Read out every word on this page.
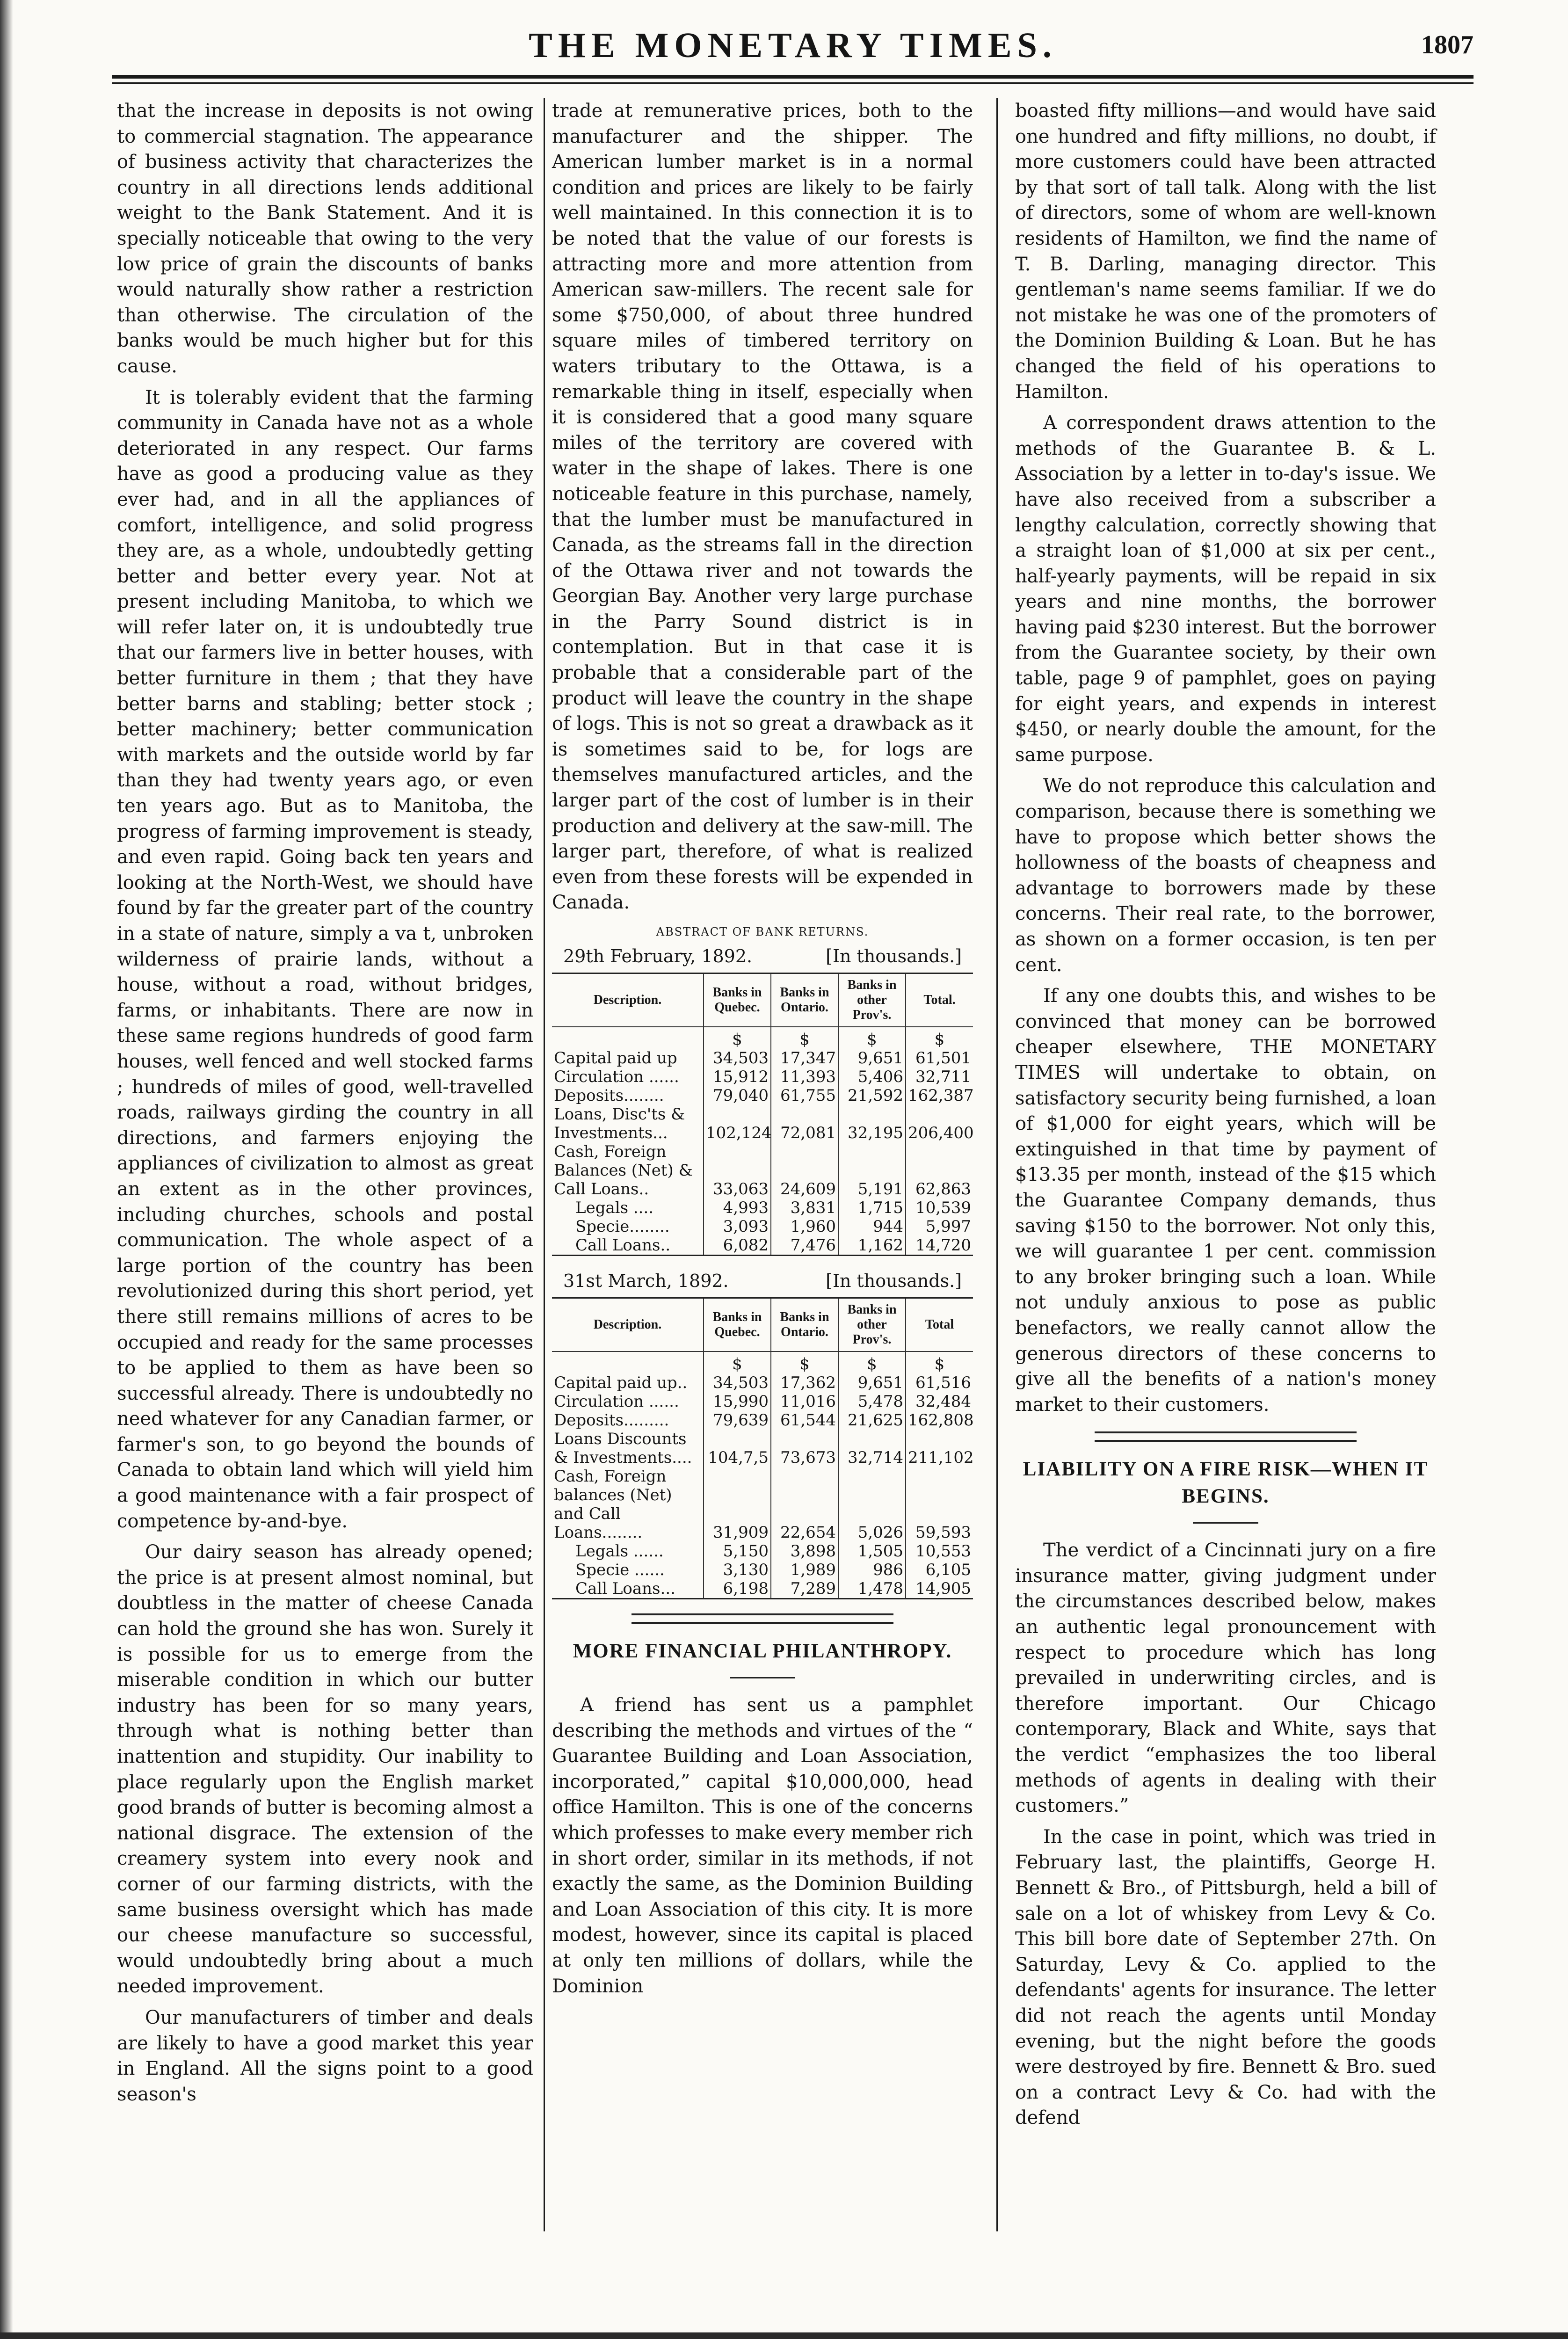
THE MONETARY TIMES.	1807

that the increase in deposits is not owing to commercial stagnation. The appearance of business activity that characterizes the country in all directions lends additional weight to the Bank Statement. And it is specially noticeable that owing to the very low price of grain the discounts of banks would naturally show rather a restriction than otherwise. The circulation of the banks would be much higher but for this cause.

It is tolerably evident that the farming community in Canada have not as a whole deteriorated in any respect. Our farms have as good a producing value as they ever had, and in all the appliances of comfort, intelligence, and solid progress they are, as a whole, undoubtedly getting better and better every year. Not at present including Manitoba, to which we will refer later on, it is undoubtedly true that our farmers live in better houses, with better furniture in them ; that they have better barns and stabling; better stock ; better machinery; better communication with markets and the outside world by far than they had twenty years ago, or even ten years ago. But as to Manitoba, the progress of farming improvement is steady, and even rapid. Going back ten years and looking at the North-West, we should have found by far the greater part of the country in a state of nature, simply a va t, unbroken wilderness of prairie lands, without a house, without a road, without bridges, farms, or inhabitants. There are now in these same regions hundreds of good farm houses, well fenced and well stocked farms ; hundreds of miles of good, well-travelled roads, railways girding the country in all directions, and farmers enjoying the appliances of civilization to almost as great an extent as in the other provinces, including churches, schools and postal communication. The whole aspect of a large portion of the country has been revolutionized during this short period, yet there still remains millions of acres to be occupied and ready for the same processes to be applied to them as have been so successful already. There is undoubtedly no need whatever for any Canadian farmer, or farmer's son, to go beyond the bounds of Canada to obtain land which will yield him a good maintenance with a fair prospect of competence by-and-bye.

Our dairy season has already opened; the price is at present almost nominal, but doubtless in the matter of cheese Canada can hold the ground she has won. Surely it is possible for us to emerge from the miserable condition in which our butter industry has been for so many years, through what is nothing better than inattention and stupidity. Our inability to place regularly upon the English market good brands of butter is becoming almost a national disgrace. The extension of the creamery system into every nook and corner of our farming districts, with the same business oversight which has made our cheese manufacture so successful, would undoubtedly bring about a much needed improvement.

Our manufacturers of timber and deals are likely to have a good market this year in England. All the signs point to a good season's

trade at remunerative prices, both to the manufacturer and the shipper. The American lumber market is in a normal condition and prices are likely to be fairly well maintained. In this connection it is to be noted that the value of our forests is attracting more and more attention from American saw-millers. The recent sale for some $750,000, of about three hundred square miles of timbered territory on waters tributary to the Ottawa, is a remarkable thing in itself, especially when it is considered that a good many square miles of the territory are covered with water in the shape of lakes. There is one noticeable feature in this purchase, namely, that the lumber must be manufactured in Canada, as the streams fall in the direction of the Ottawa river and not towards the Georgian Bay. Another very large purchase in the Parry Sound district is in contemplation. But in that case it is probable that a considerable part of the product will leave the country in the shape of logs. This is not so great a drawback as it is sometimes said to be, for logs are themselves manufactured articles, and the larger part of the cost of lumber is in their production and delivery at the saw-mill. The larger part, therefore, of what is realized even from these forests will be expended in Canada.

ABSTRACT OF BANK RETURNS.
29th February, 1892.	[In thousands.]
Description.	Banks in Quebec.	Banks in Ontario.	Banks in other Prov's.	Total.
	$	$	$	$
Capital paid up	34,503	17,347	9,651	61,501
Circulation ......	15,912	11,393	5,406	32,711
Deposits........	79,040	61,755	21,592	162,387
Loans, Disc'ts & Investments...	102,124	72,081	32,195	206,400
Cash, Foreign Balances (Net) & Call Loans..	33,063	24,609	5,191	62,863
Legals ....	4,993	3,831	1,715	10,539
Specie........	3,093	1,960	944	5,997
Call Loans..	6,082	7,476	1,162	14,720
31st March, 1892.	[In thousands.]
Description.	Banks in Quebec.	Banks in Ontario.	Banks in other Prov's.	Total
	$	$	$	$
Capital paid up..	34,503	17,362	9,651	61,516
Circulation ......	15,990	11,016	5,478	32,484
Deposits.........	79,639	61,544	21,625	162,808
Loans Discounts & Investments....	104,7,5	73,673	32,714	211,102
Cash, Foreign balances (Net) and Call Loans........	31,909	22,654	5,026	59,593
Legals ......	5,150	3,898	1,505	10,553
Specie ......	3,130	1,989	986	6,105
Call Loans...	6,198	7,289	1,478	14,905
MORE FINANCIAL PHILANTHROPY.

A friend has sent us a pamphlet describing the methods and virtues of the “ Guarantee Building and Loan Association, incorporated,” capital $10,000,000, head office Hamilton. This is one of the concerns which professes to make every member rich in short order, similar in its methods, if not exactly the same, as the Dominion Building and Loan Association of this city. It is more modest, however, since its capital is placed at only ten millions of dollars, while the Dominion

boasted fifty millions—and would have said one hundred and fifty millions, no doubt, if more customers could have been attracted by that sort of tall talk. Along with the list of directors, some of whom are well-known residents of Hamilton, we find the name of T. B. Darling, managing director. This gentleman's name seems familiar. If we do not mistake he was one of the promoters of the Dominion Building & Loan. But he has changed the field of his operations to Hamilton.

A correspondent draws attention to the methods of the Guarantee B. & L. Association by a letter in to-day's issue. We have also received from a subscriber a lengthy calculation, correctly showing that a straight loan of $1,000 at six per cent., half-yearly payments, will be repaid in six years and nine months, the borrower having paid $230 interest. But the borrower from the Guarantee society, by their own table, page 9 of pamphlet, goes on paying for eight years, and expends in interest $450, or nearly double the amount, for the same purpose.

We do not reproduce this calculation and comparison, because there is something we have to propose which better shows the hollowness of the boasts of cheapness and advantage to borrowers made by these concerns. Their real rate, to the borrower, as shown on a former occasion, is ten per cent.

If any one doubts this, and wishes to be convinced that money can be borrowed cheaper elsewhere, THE MONETARY TIMES will undertake to obtain, on satisfactory security being furnished, a loan of $1,000 for eight years, which will be extinguished in that time by payment of $13.35 per month, instead of the $15 which the Guarantee Company demands, thus saving $150 to the borrower. Not only this, we will guarantee 1 per cent. commission to any broker bringing such a loan. While not unduly anxious to pose as public benefactors, we really cannot allow the generous directors of these concerns to give all the benefits of a nation's money market to their customers.

LIABILITY ON A FIRE RISK—WHEN IT BEGINS.

The verdict of a Cincinnati jury on a fire insurance matter, giving judgment under the circumstances described below, makes an authentic legal pronouncement with respect to procedure which has long prevailed in underwriting circles, and is therefore important. Our Chicago contemporary, Black and White, says that the verdict “emphasizes the too liberal methods of agents in dealing with their customers.”

In the case in point, which was tried in February last, the plaintiffs, George H. Bennett & Bro., of Pittsburgh, held a bill of sale on a lot of whiskey from Levy & Co. This bill bore date of September 27th. On Saturday, Levy & Co. applied to the defendants' agents for insurance. The letter did not reach the agents until Monday evening, but the night before the goods were destroyed by fire. Bennett & Bro. sued on a contract Levy & Co. had with the defend
